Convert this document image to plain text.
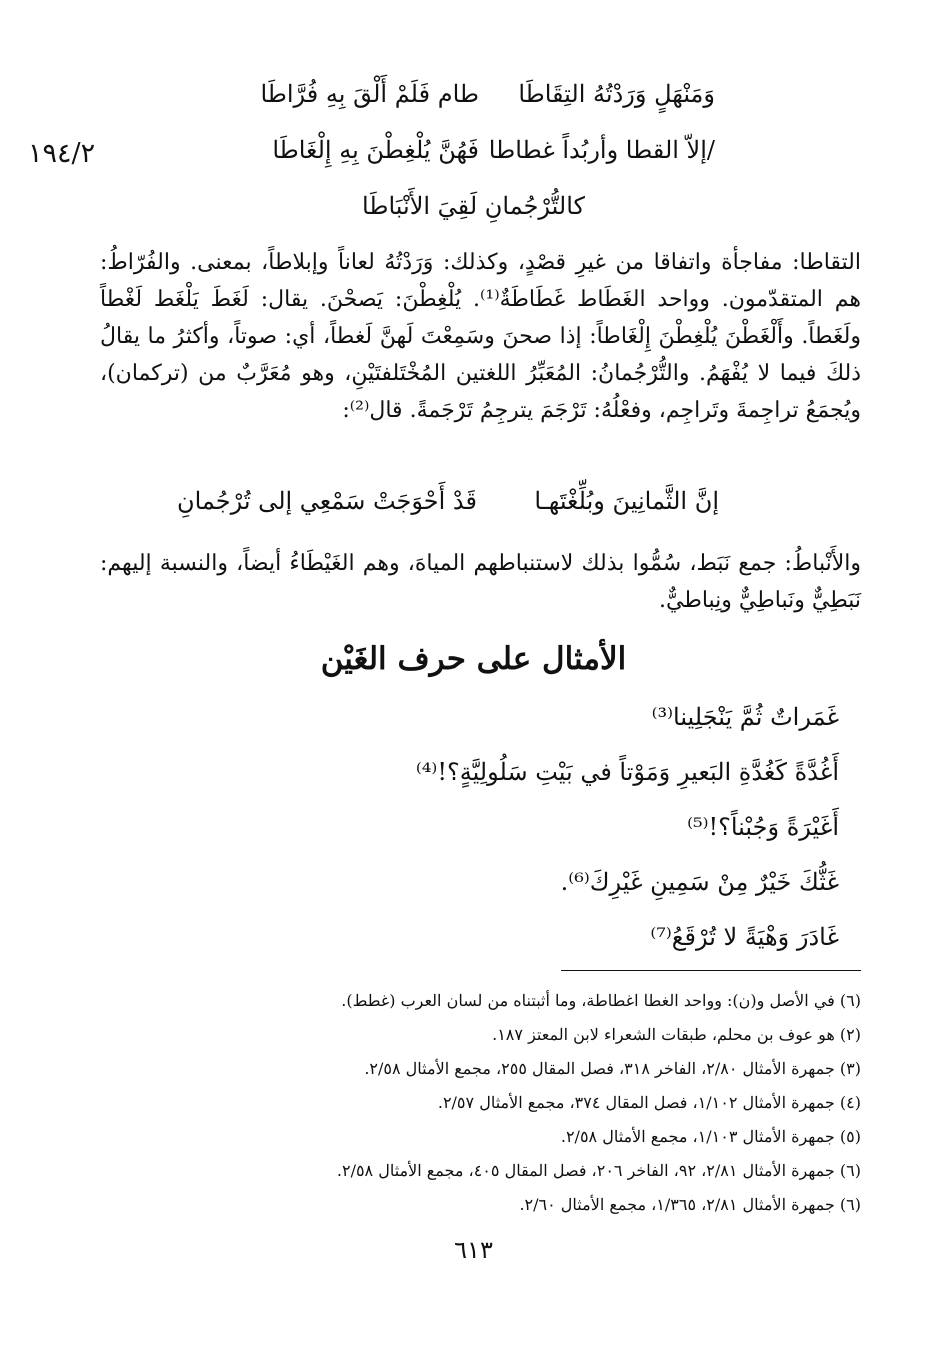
١٩٤/٢
وَمَنْهَلٍ وَرَدْتُهُ التِقَاطَا
طام فَلَمْ أَلْقَ بِهِ فُرَّاطَا
/إلاّ القطا وأربُداً غطاطا
فَهُنَّ يُلْغِطْنَ بِهِ إِلْغَاطَا
كالتُّرْجُمانِ لَقِيَ الأَنْبَاطَا
التقاطا: مفاجأة واتفاقا من غيرِ قصْدٍ، وكذلك: وَرَدْتُهُ لعاناً وإبلاطاً، بمعنى. والفُرّاطُ: هم المتقدّمون. وواحد الغَطَاط غَطَاطَةٌ⁽¹⁾. يُلْغِطْنَ: يَصحْنَ. يقال: لَغَطَ يَلْغَط لَغْطاً ولَغَطاً. وأَلْغَطْنَ يُلْغِطْنَ إِلْغَاطاً: إذا صحنَ وسَمِعْتَ لَهنَّ لَغطاً، أي: صوتاً، وأكثرُ ما يقالُ ذلكَ فيما لا يُفْهَمُ. والتُّرْجُمانُ: المُعَبِّرُ اللغتين المُخْتَلفتَيْنِ، وهو مُعَرَّبٌ من (تركمان)، ويُجمَعُ تراجِمةَ وتَراجِم، وفعْلُهُ: تَرْجَمَ يترجِمُ تَرْجَمةً. قال⁽²⁾:
إنَّ الثَّمانِينَ وبُلِّغْتَهـا
قَدْ أَحْوَجَتْ سَمْعِي إلى تُرْجُمانِ
والأَنْباطُ: جمع نَبَط، سُمُّوا بذلك لاستنباطهم المياهَ، وهم الغَيْطَاءُ أيضاً، والنسبة إليهم: نَبَطِيٌّ ونَباطِيٌّ ونِباطيٌّ.
الأمثال على حرف الغَيْن
غَمَراتٌ ثُمَّ يَنْجَلِينا⁽³⁾
أَغُدَّةً كَغُدَّةِ البَعيرِ وَمَوْتاً في بَيْتِ سَلُولِيَّةٍ؟!⁽⁴⁾
أَغَيْرَةً وَجُبْناً؟!⁽⁵⁾
غَثُّكَ خَيْرٌ مِنْ سَمِينِ غَيْرِكَ⁽⁶⁾.
غَادَرَ وَهْيَةً لا تُرْقَعُ⁽⁷⁾
(٦) في الأصل و(ن): وواحد الغطا اغطاطة، وما أثبتناه من لسان العرب (غطط).
(٢) هو عوف بن محلم، طبقات الشعراء لابن المعتز ١٨٧.
(٣) جمهرة الأمثال ٢/٨٠، الفاخر ٣١٨، فصل المقال ٢٥٥، مجمع الأمثال ٢/٥٨.
(٤) جمهرة الأمثال ١/١٠٢، فصل المقال ٣٧٤، مجمع الأمثال ٢/٥٧.
(٥) جمهرة الأمثال ١/١٠٣، مجمع الأمثال ٢/٥٨.
(٦) جمهرة الأمثال ٢/٨١، ٩٢، الفاخر ٢٠٦، فصل المقال ٤٠٥، مجمع الأمثال ٢/٥٨.
(٦) جمهرة الأمثال ٢/٨١، ١/٣٦٥، مجمع الأمثال ٢/٦٠.
٦١٣
